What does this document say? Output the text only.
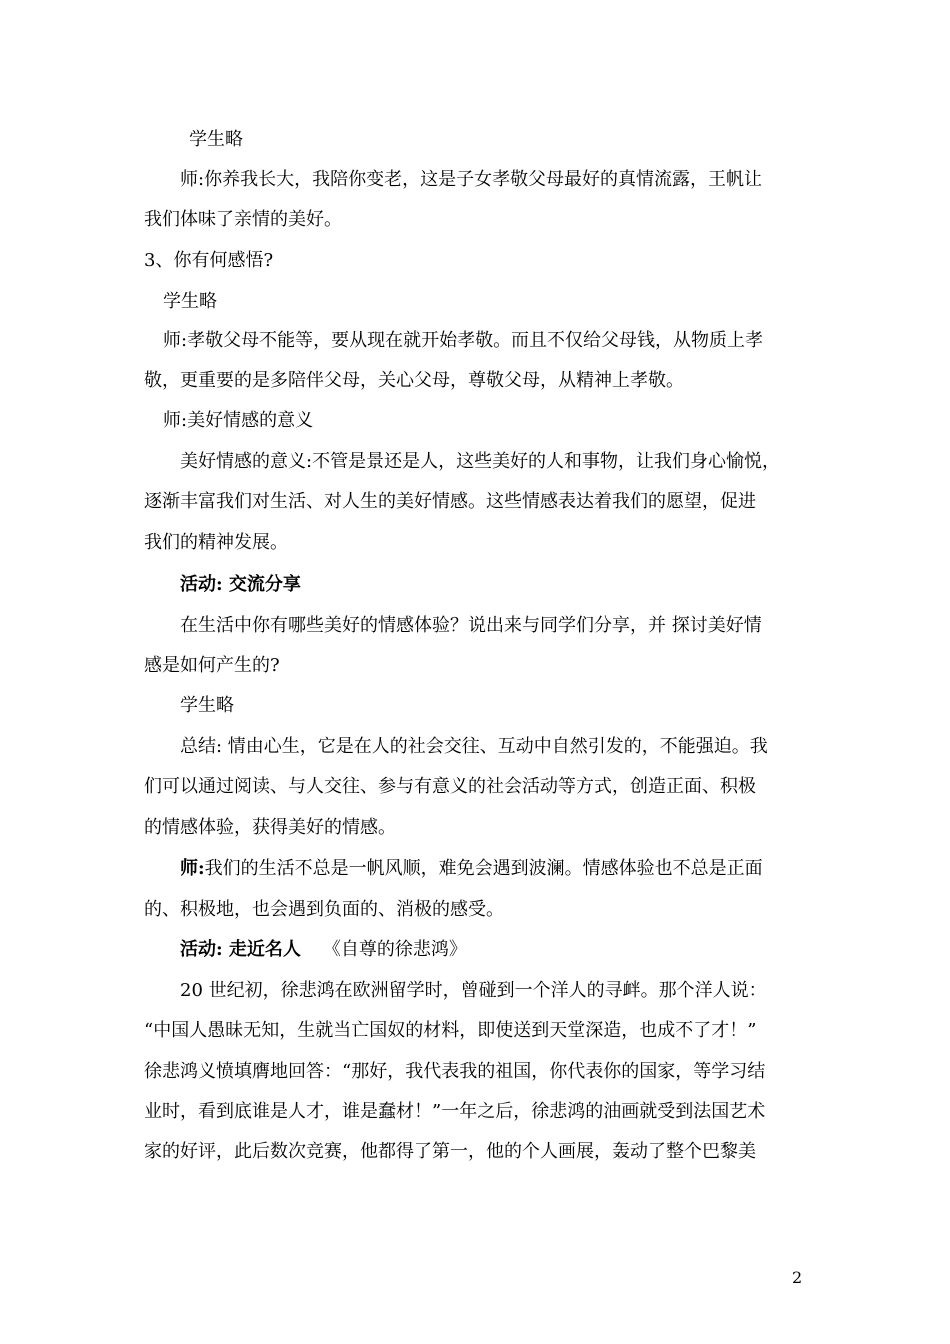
学生略
师:你养我长大，我陪你变老，这是子女孝敬父母最好的真情流露，王帆让
我们体味了亲情的美好。
3、你有何感悟?
学生略
师:孝敬父母不能等，要从现在就开始孝敬。而且不仅给父母钱，从物质上孝
敬，更重要的是多陪伴父母，关心父母，尊敬父母，从精神上孝敬。
师:美好情感的意义
美好情感的意义:不管是景还是人，这些美好的人和事物，让我们身心愉悦，
逐渐丰富我们对生活、对人生的美好情感。这些情感表达着我们的愿望，促进
我们的精神发展。
活动: 交流分享
在生活中你有哪些美好的情感体验？说出来与同学们分享，并 探讨美好情
感是如何产生的?
学生略
总结: 情由心生，它是在人的社会交往、互动中自然引发的，不能强迫。我
们可以通过阅读、与人交往、参与有意义的社会活动等方式，创造正面、积极
的情感体验，获得美好的情感。
师:我们的生活不总是一帆风顺，难免会遇到波澜。情感体验也不总是正面
的、积极地，也会遇到负面的、消极的感受。
活动: 走近名人 《自尊的徐悲鸿》
20 世纪初，徐悲鸿在欧洲留学时，曾碰到一个洋人的寻衅。那个洋人说：
“中国人愚昧无知，生就当亡国奴的材料，即使送到天堂深造，也成不了才！”
徐悲鸿义愤填膺地回答：“那好，我代表我的祖国，你代表你的国家，等学习结
业时，看到底谁是人才，谁是蠢材！”一年之后，徐悲鸿的油画就受到法国艺术
家的好评，此后数次竞赛，他都得了第一，他的个人画展，轰动了整个巴黎美
2
